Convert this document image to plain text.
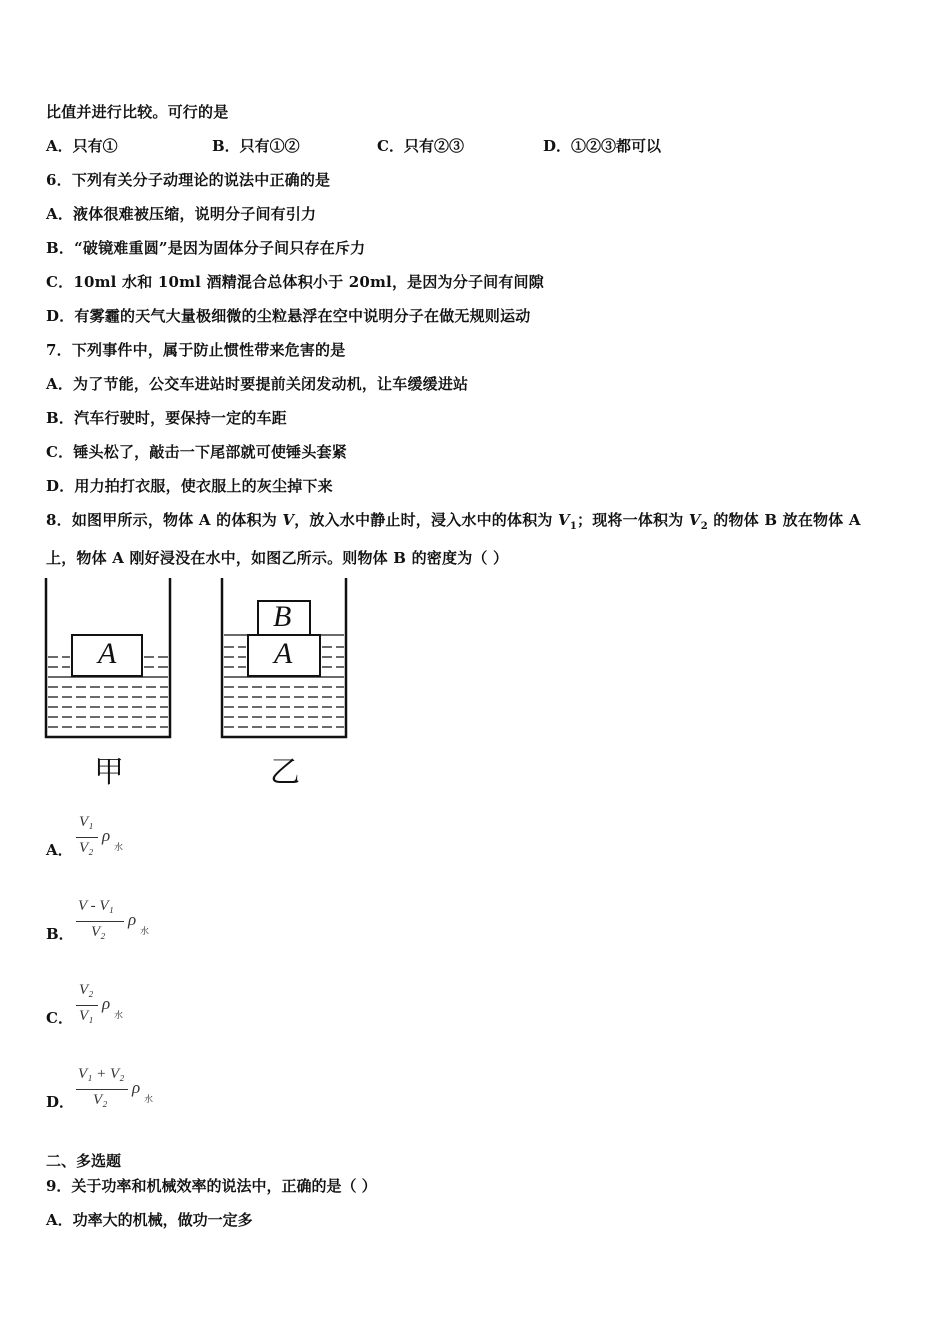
比值并进行比较。可行的是
A．只有①	B．只有①②	C．只有②③	D．①②③都可以
6．下列有关分子动理论的说法中正确的是
A．液体很难被压缩，说明分子间有引力
B．“破镜难重圆”是因为固体分子间只存在斥力
C．10ml 水和 10ml 酒精混合总体积小于 20ml，是因为分子间有间隙
D．有雾霾的天气大量极细微的尘粒悬浮在空中说明分子在做无规则运动
7．下列事件中，属于防止惯性带来危害的是
A．为了节能，公交车进站时要提前关闭发动机，让车缓缓进站
B．汽车行驶时，要保持一定的车距
C．锤头松了，敲击一下尾部就可使锤头套紧
D．用力拍打衣服，使衣服上的灰尘掉下来
8．如图甲所示，物体 A 的体积为 V，放入水中静止时，浸入水中的体积为 $V_1$；现将一体积为 $V_2$ 的物体 B 放在物体 A
上，物体 A 刚好浸没在水中，如图乙所示。则物体 B 的密度为（ ）
A	A
B
甲	乙
A．
V₁
V₂
ρ
水
B．
V - V₁
V₂
ρ
水
C．
V₂
V₁
ρ
水
D．
V₁ + V₂
V₂
ρ
水
二、多选题
9．关于功率和机械效率的说法中，正确的是（ ）
A．功率大的机械，做功一定多
